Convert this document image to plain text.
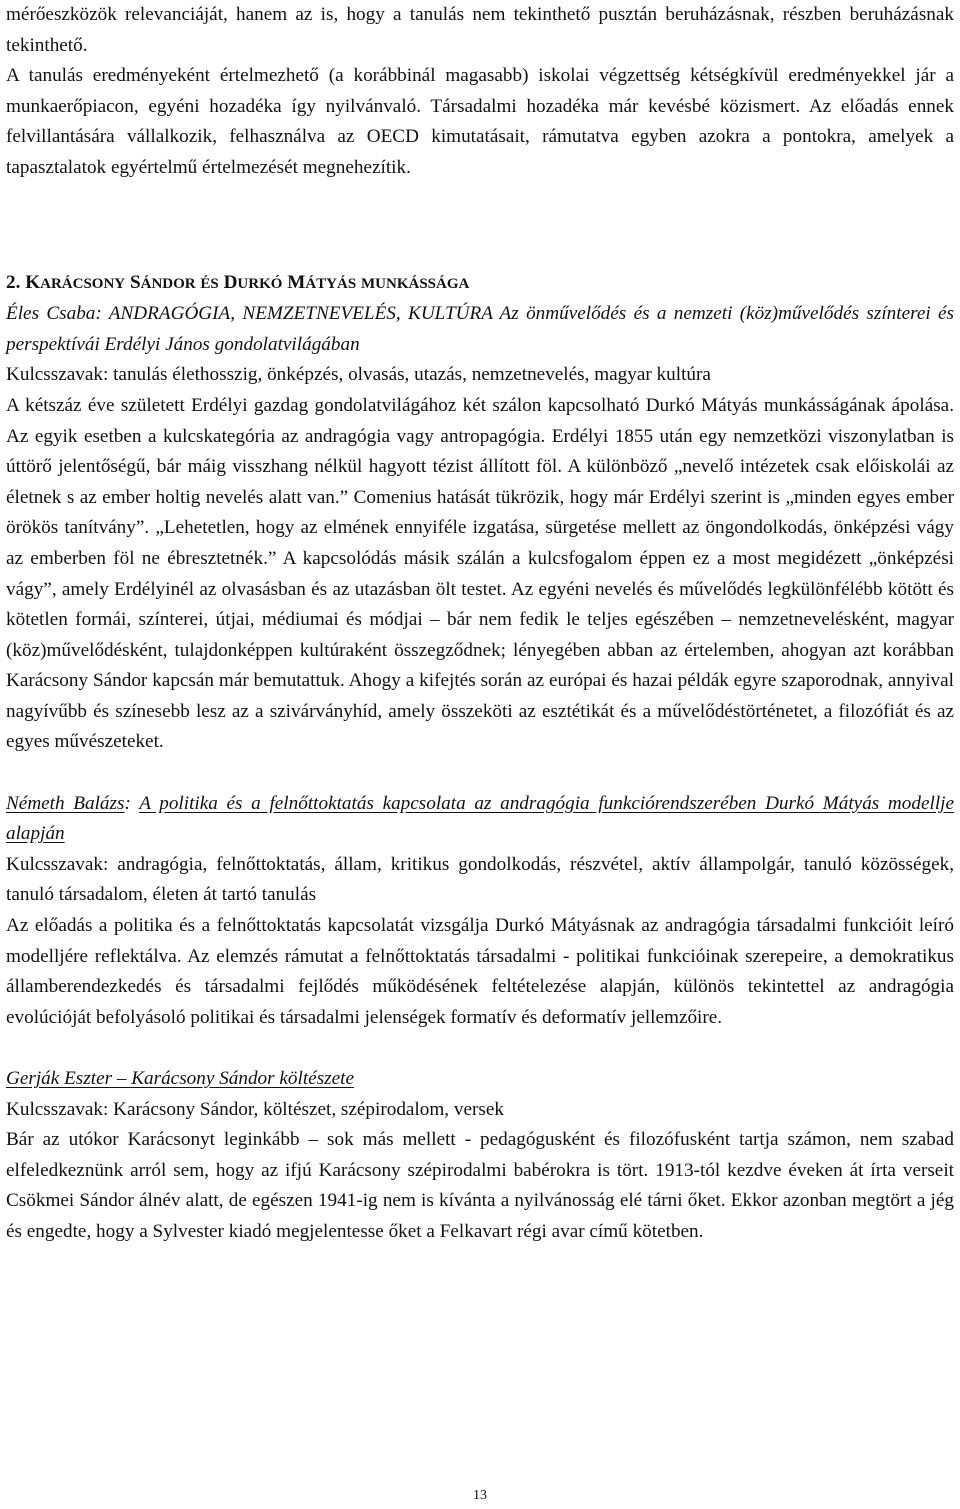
mérőeszközök relevanciáját, hanem az is, hogy a tanulás nem tekinthető pusztán beruházásnak, részben beruházásnak tekinthető.

A tanulás eredményeként értelmezhető (a korábbinál magasabb) iskolai végzettség kétségkívül eredményekkel jár a munkaerőpiacon, egyéni hozadéka így nyilvánvaló. Társadalmi hozadéka már kevésbé közismert. Az előadás ennek felvillantására vállalkozik, felhasználva az OECD kimutatásait, rámutatva egyben azokra a pontokra, amelyek a tapasztalatok egyértelmű értelmezését megnehezítik.

2. KARÁCSONY SÁNDOR ÉS DURKÓ MÁTYÁS MUNKÁSSÁGA

Éles Csaba: ANDRAGÓGIA, NEMZETNEVELÉS, KULTÚRA Az önművelődés és a nemzeti (köz)művelődés színterei és perspektívái Erdélyi János gondolatvilágában

Kulcsszavak: tanulás élethosszig, önképzés, olvasás, utazás, nemzetnevelés, magyar kultúra

A kétszáz éve született Erdélyi gazdag gondolatvilágához két szálon kapcsolható Durkó Mátyás munkásságának ápolása. Az egyik esetben a kulcskategória az andragógia vagy antropagógia. Erdélyi 1855 után egy nemzetközi viszonylatban is úttörő jelentőségű, bár máig visszhang nélkül hagyott tézist állított föl. A különböző „nevelő intézetek csak előiskolái az életnek s az ember holtig nevelés alatt van.” Comenius hatását tükrözik, hogy már Erdélyi szerint is „minden egyes ember örökös tanítvány”. „Lehetetlen, hogy az elmének ennyiféle izgatása, sürgetése mellett az öngondolkodás, önképzési vágy az emberben föl ne ébresztetnék.” A kapcsolódás másik szálán a kulcsfogalom éppen ez a most megidézett „önképzési vágy”, amely Erdélyinél az olvasásban és az utazásban ölt testet. Az egyéni nevelés és művelődés legkülönfélébb kötött és kötetlen formái, színterei, útjai, médiumai és módjai – bár nem fedik le teljes egészében – nemzetnevelésként, magyar (köz)művelődésként, tulajdonképpen kultúraként összegződnek; lényegében abban az értelemben, ahogyan azt korábban Karácsony Sándor kapcsán már bemutattuk. Ahogy a kifejtés során az európai és hazai példák egyre szaporodnak, annyival nagyívűbb és színesebb lesz az a szivárványhíd, amely összeköti az esztétikát és a művelődéstörténetet, a filozófiát és az egyes művészeteket.

Németh Balázs: A politika és a felnőttoktatás kapcsolata az andragógia funkciórendszerében Durkó Mátyás modellje alapján

Kulcsszavak: andragógia, felnőttoktatás, állam, kritikus gondolkodás, részvétel, aktív állampolgár, tanuló közösségek, tanuló társadalom, életen át tartó tanulás

Az előadás a politika és a felnőttoktatás kapcsolatát vizsgálja Durkó Mátyásnak az andragógia társadalmi funkcióit leíró modelljére reflektálva. Az elemzés rámutat a felnőttoktatás társadalmi - politikai funkcióinak szerepeire, a demokratikus államberendezkedés és társadalmi fejlődés működésének feltételezése alapján, különös tekintettel az andragógia evolúcióját befolyásoló politikai és társadalmi jelenségek formatív és deformatív jellemzőire.

Gerják Eszter – Karácsony Sándor költészete

Kulcsszavak: Karácsony Sándor, költészet, szépirodalom, versek

Bár az utókor Karácsonyt leginkább – sok más mellett - pedagógusként és filozófusként tartja számon, nem szabad elfeledkeznünk arról sem, hogy az ifjú Karácsony szépirodalmi babérokra is tört. 1913-tól kezdve éveken át írta verseit Csökmei Sándor álnév alatt, de egészen 1941-ig nem is kívánta a nyilvánosság elé tárni őket. Ekkor azonban megtört a jég és engedte, hogy a Sylvester kiadó megjelentesse őket a Felkavart régi avar című kötetben.

13
